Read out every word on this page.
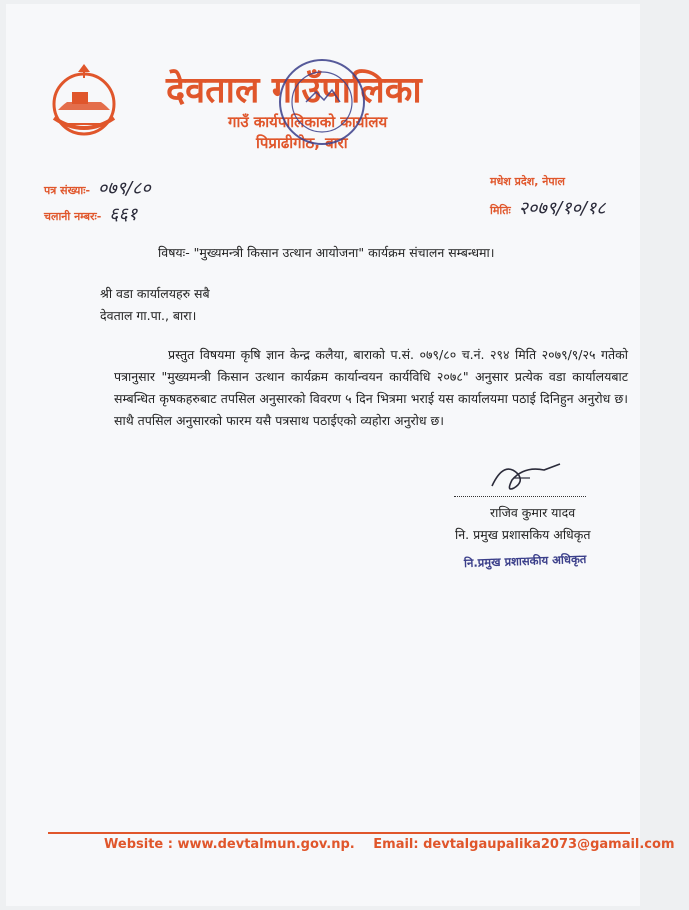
देवताल गाउँपालिका
गाउँ कार्यपालिकाको कार्यालय
पिप्राढीगोठ, बारा
पत्र संख्याः- ०७९/८०
चलानी नम्बरः- ६६१
मधेश प्रदेश, नेपाल
मितिः २०७९/१०/१८
विषयः- "मुख्यमन्त्री किसान उत्थान आयोजना" कार्यक्रम संचालन सम्बन्धमा।
श्री वडा कार्यालयहरु सबै
देवताल गा.पा., बारा।

प्रस्तुत विषयमा कृषि ज्ञान केन्द्र कलैया, बाराको प.सं. ०७९/८० च.नं. २९४ मिति २०७९/९/२५ गतेको पत्रानुसार "मुख्यमन्त्री किसान उत्थान कार्यक्रम कार्यान्वयन कार्यविधि २०७८" अनुसार प्रत्येक वडा कार्यालयबाट सम्बन्धित कृषकहरुबाट तपसिल अनुसारको विवरण ५ दिन भित्रमा भराई यस कार्यालयमा पठाई दिनिहुन अनुरोध छ। साथै तपसिल अनुसारको फारम यसै पत्रसाथ पठाईएको व्यहोरा अनुरोध छ।

राजिव कुमार यादव
नि. प्रमुख प्रशासकिय अधिकृत
नि.प्रमुख प्रशासकीय अधिकृत
Website : www.devtalmun.gov.np. Email: devtalgaupalika2073@gamail.com
